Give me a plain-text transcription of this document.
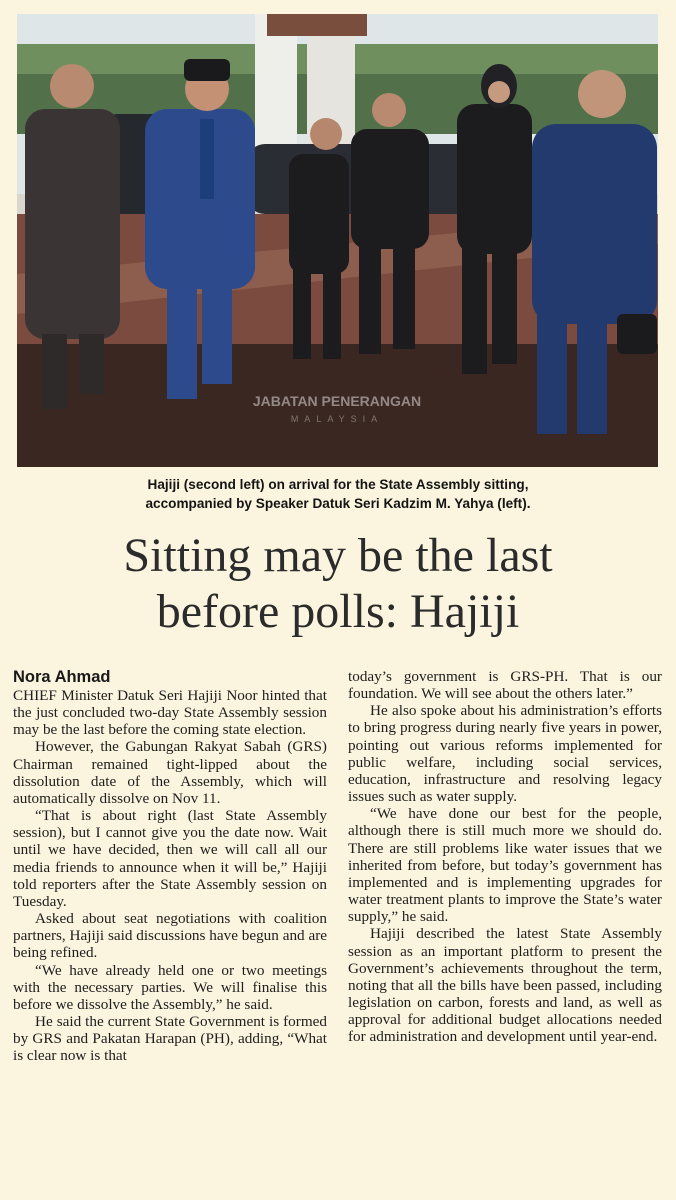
JABATAN PENERANGAN
MALAYSIA
Hajiji (second left) on arrival for the State Assembly sitting,
accompanied by Speaker Datuk Seri Kadzim M. Yahya (left).
Sitting may be the last
before polls: Hajiji
Nora Ahmad

CHIEF Minister Datuk Seri Hajiji Noor hinted that the just concluded two-day State Assembly session may be the last before the coming state election.

However, the Gabungan Rakyat Sabah (GRS) Chairman remained tight-lipped about the dissolution date of the Assembly, which will automatically dissolve on Nov 11.

“That is about right (last State Assembly session), but I cannot give you the date now. Wait until we have decided, then we will call all our media friends to announce when it will be,” Hajiji told reporters after the State Assembly session on Tuesday.

Asked about seat negotiations with coalition partners, Hajiji said discussions have begun and are being refined.

“We have already held one or two meetings with the necessary parties. We will finalise this before we dissolve the Assembly,” he said.

He said the current State Government is formed by GRS and Pakatan Harapan (PH), adding, “What is clear now is that

today’s government is GRS-PH. That is our foundation. We will see about the others later.”

He also spoke about his administration’s efforts to bring progress during nearly five years in power, pointing out various reforms implemented for public welfare, including social services, education, infrastructure and resolving legacy issues such as water supply.

“We have done our best for the people, although there is still much more we should do. There are still problems like water issues that we inherited from before, but today’s government has implemented and is implementing upgrades for water treatment plants to improve the State’s water supply,” he said.

Hajiji described the latest State Assembly session as an important platform to present the Government’s achievements throughout the term, noting that all the bills have been passed, including legislation on carbon, forests and land, as well as approval for additional budget allocations needed for administration and development until year-end.
